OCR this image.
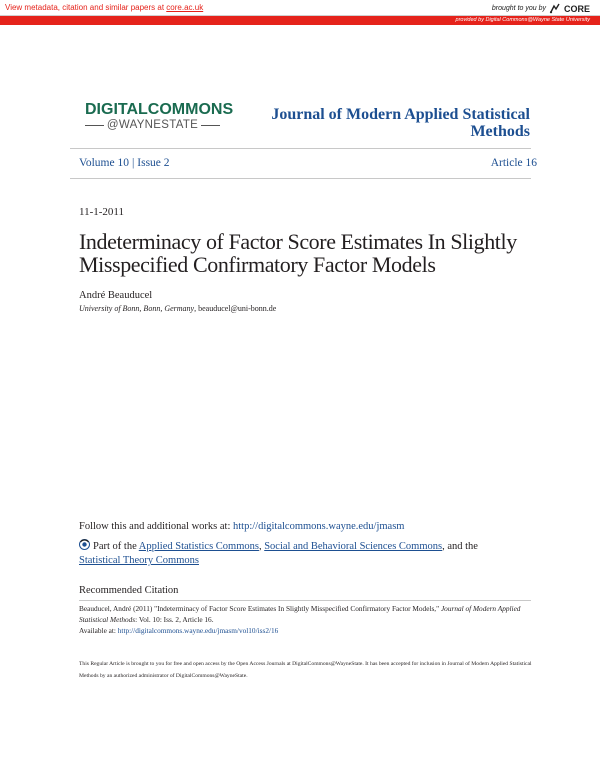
View metadata, citation and similar papers at core.ac.uk	brought to you by CORE
provided by Digital Commons@Wayne State University
DIGITALCOMMONS
@WAYNESTATE
Journal of Modern Applied Statistical
Methods
Volume 10 | Issue 2	Article 16
11-1-2011
Indeterminacy of Factor Score Estimates In Slightly Misspecified Confirmatory Factor Models
André Beauducel
University of Bonn, Bonn, Germany, beauducel@uni-bonn.de
Follow this and additional works at: http://digitalcommons.wayne.edu/jmasm
Part of the Applied Statistics Commons, Social and Behavioral Sciences Commons, and the
Statistical Theory Commons
Recommended Citation
Beauducel, André (2011) "Indeterminacy of Factor Score Estimates In Slightly Misspecified Confirmatory Factor Models," Journal of Modern Applied Statistical Methods: Vol. 10: Iss. 2, Article 16.
Available at: http://digitalcommons.wayne.edu/jmasm/vol10/iss2/16
This Regular Article is brought to you for free and open access by the Open Access Journals at DigitalCommons@WayneState. It has been accepted for inclusion in Journal of Modern Applied Statistical Methods by an authorized administrator of DigitalCommons@WayneState.
